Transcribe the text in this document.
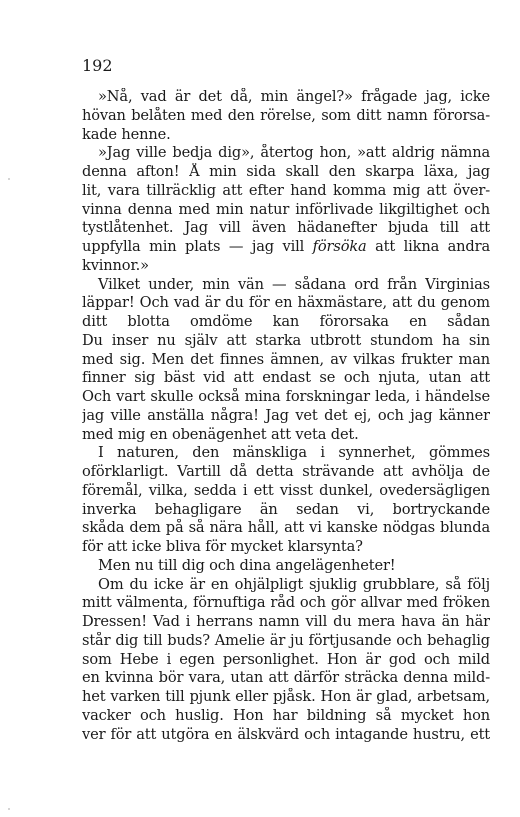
192
»Nå, vad är det då, min ängel?» frågade jag, icke
hövan belåten med den rörelse, som ditt namn förorsa-
kade henne.
»Jag ville bedja dig», återtog hon, »att aldrig nämna
denna afton! Å min sida skall den skarpa läxa, jag
lit, vara tillräcklig att efter hand komma mig att över-
vinna denna med min natur införlivade likgiltighet och
tystlåtenhet. Jag vill även hädanefter bjuda till att
uppfylla min plats — jag vill försöka att likna andra
kvinnor.»
Vilket under, min vän — sådana ord från Virginias
läppar! Och vad är du för en häxmästare, att du genom
ditt blotta omdöme kan förorsaka en sådan
Du inser nu själv att starka utbrott stundom ha sin
med sig. Men det finnes ämnen, av vilkas frukter man
finner sig bäst vid att endast se och njuta, utan att
Och vart skulle också mina forskningar leda, i händelse
jag ville anställa några! Jag vet det ej, och jag känner
med mig en obenägenhet att veta det.
I naturen, den mänskliga i synnerhet, gömmes
oförklarligt. Vartill då detta strävande att avhölja de
föremål, vilka, sedda i ett visst dunkel, ovedersägligen
inverka behagligare än sedan vi, bortryckande
skåda dem på så nära håll, att vi kanske nödgas blunda
för att icke bliva för mycket klarsynta?
Men nu till dig och dina angelägenheter!
Om du icke är en ohjälpligt sjuklig grubblare, så följ
mitt välmenta, förnuftiga råd och gör allvar med fröken
Dressen! Vad i herrans namn vill du mera hava än här
står dig till buds? Amelie är ju förtjusande och behaglig
som Hebe i egen personlighet. Hon är god och mild
en kvinna bör vara, utan att därför sträcka denna mild-
het varken till pjunk eller pjåsk. Hon är glad, arbetsam,
vacker och huslig. Hon har bildning så mycket hon
ver för att utgöra en älskvärd och intagande hustru, ett
